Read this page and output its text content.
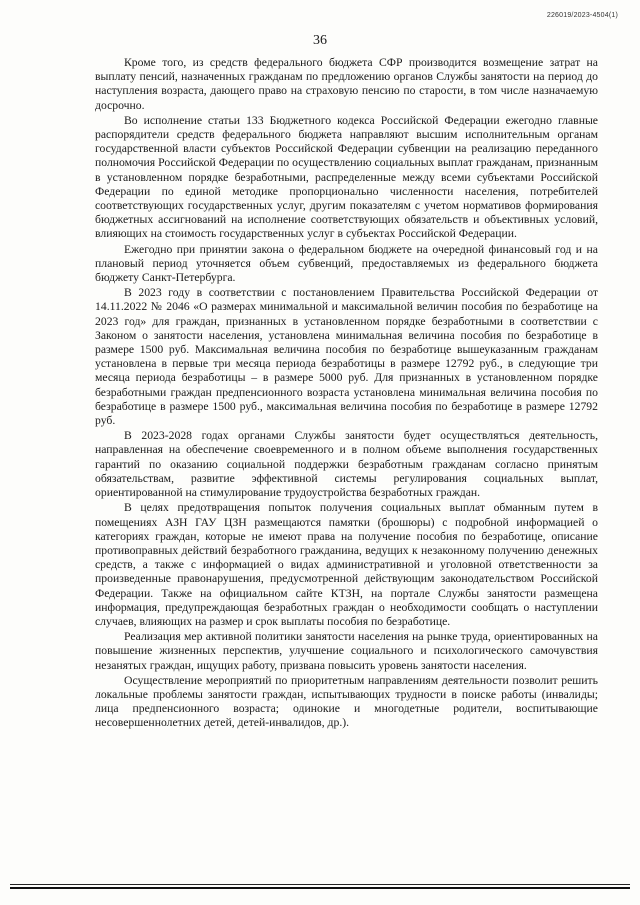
226019/2023-4504(1)
36

Кроме того, из средств федерального бюджета СФР производится возмещение затрат на выплату пенсий, назначенных гражданам по предложению органов Службы занятости на период до наступления возраста, дающего право на страховую пенсию по старости, в том числе назначаемую досрочно.

Во исполнение статьи 133 Бюджетного кодекса Российской Федерации ежегодно главные распорядители средств федерального бюджета направляют высшим исполнительным органам государственной власти субъектов Российской Федерации субвенции на реализацию переданного полномочия Российской Федерации по осуществлению социальных выплат гражданам, признанным в установленном порядке безработными, распределенные между всеми субъектами Российской Федерации по единой методике пропорционально численности населения, потребителей соответствующих государственных услуг, другим показателям с учетом нормативов формирования бюджетных ассигнований на исполнение соответствующих обязательств и объективных условий, влияющих на стоимость государственных услуг в субъектах Российской Федерации.

Ежегодно при принятии закона о федеральном бюджете на очередной финансовый год и на плановый период уточняется объем субвенций, предоставляемых из федерального бюджета бюджету Санкт-Петербурга.

В 2023 году в соответствии с постановлением Правительства Российской Федерации от 14.11.2022 № 2046 «О размерах минимальной и максимальной величин пособия по безработице на 2023 год» для граждан, признанных в установленном порядке безработными в соответствии с Законом о занятости населения, установлена минимальная величина пособия по безработице в размере 1500 руб. Максимальная величина пособия по безработице вышеуказанным гражданам установлена в первые три месяца периода безработицы в размере 12792 руб., в следующие три месяца периода безработицы – в размере 5000 руб. Для признанных в установленном порядке безработными граждан предпенсионного возраста установлена минимальная величина пособия по безработице в размере 1500 руб., максимальная величина пособия по безработице в размере 12792 руб.

В 2023-2028 годах органами Службы занятости будет осуществляться деятельность, направленная на обеспечение своевременного и в полном объеме выполнения государственных гарантий по оказанию социальной поддержки безработным гражданам согласно принятым обязательствам, развитие эффективной системы регулирования социальных выплат, ориентированной на стимулирование трудоустройства безработных граждан.

В целях предотвращения попыток получения социальных выплат обманным путем в помещениях АЗН ГАУ ЦЗН размещаются памятки (брошюры) с подробной информацией о категориях граждан, которые не имеют права на получение пособия по безработице, описание противоправных действий безработного гражданина, ведущих к незаконному получению денежных средств, а также с информацией о видах административной и уголовной ответственности за произведенные правонарушения, предусмотренной действующим законодательством Российской Федерации. Также на официальном сайте КТЗН, на портале Службы занятости размещена информация, предупреждающая безработных граждан о необходимости сообщать о наступлении случаев, влияющих на размер и срок выплаты пособия по безработице.

Реализация мер активной политики занятости населения на рынке труда, ориентированных на повышение жизненных перспектив, улучшение социального и психологического самочувствия незанятых граждан, ищущих работу, призвана повысить уровень занятости населения.

Осуществление мероприятий по приоритетным направлениям деятельности позволит решить локальные проблемы занятости граждан, испытывающих трудности в поиске работы (инвалиды; лица предпенсионного возраста; одинокие и многодетные родители, воспитывающие несовершеннолетних детей, детей-инвалидов, др.).
